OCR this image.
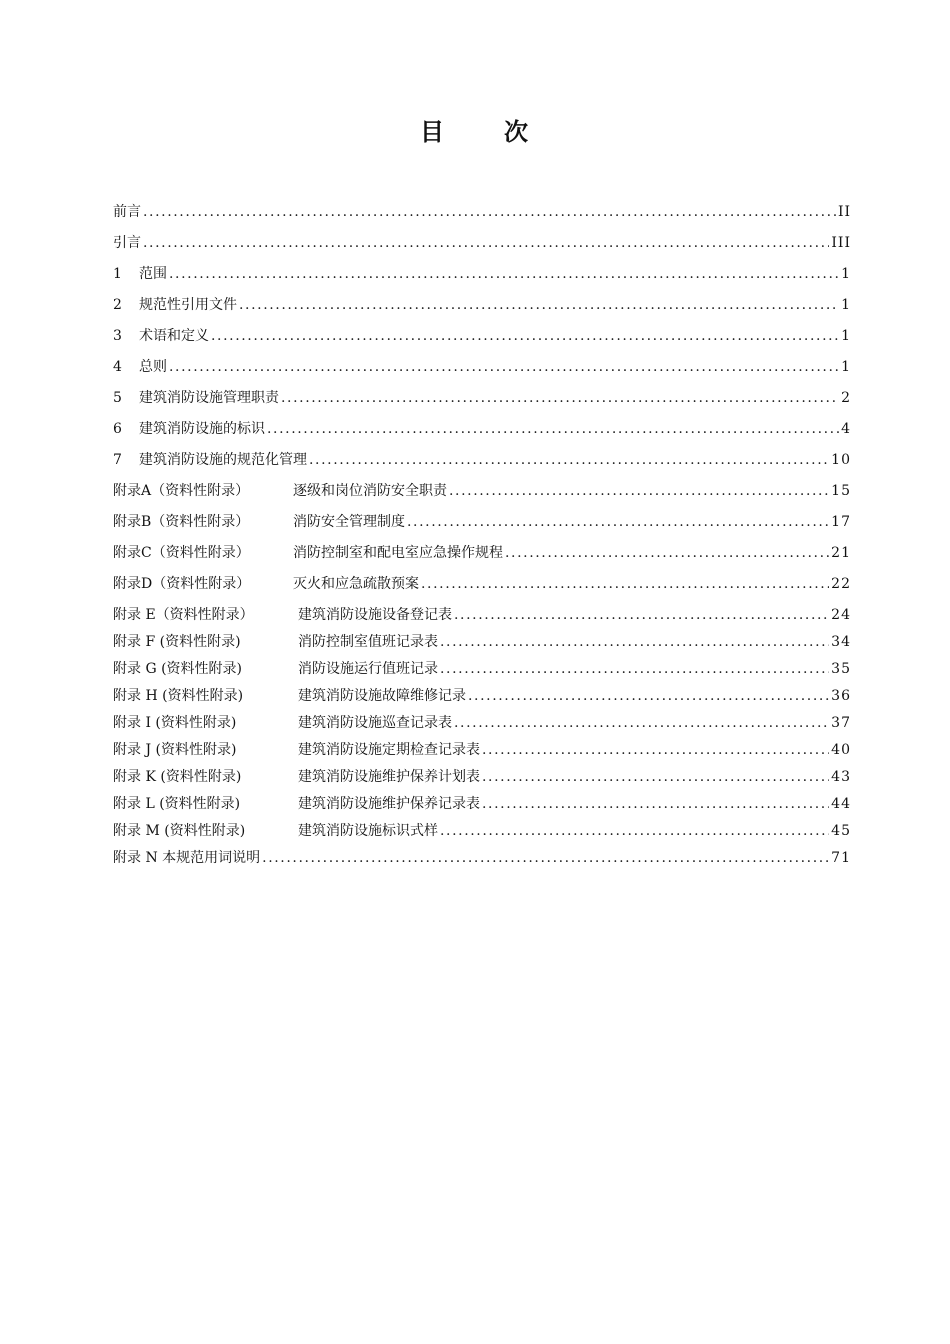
目 次
前言 .....	II
引言 .....	III
1	范围 .....	1
2	规范性引用文件 .....	1
3	术语和定义 .....	1
4	总则 .....	1
5	建筑消防设施管理职责 .....	2
6	建筑消防设施的标识 .....	4
7	建筑消防设施的规范化管理 .....	10
附录A（资料性附录）	逐级和岗位消防安全职责 .....	15
附录B（资料性附录）	消防安全管理制度 .....	17
附录C（资料性附录）	消防控制室和配电室应急操作规程 .....	21
附录D（资料性附录）	灭火和应急疏散预案 .....	22
附录 E（资料性附录）	建筑消防设施设备登记表 .....	24
附录 F (资料性附录)	消防控制室值班记录表 .....	34
附录 G (资料性附录)	消防设施运行值班记录 .....	35
附录 H (资料性附录)	建筑消防设施故障维修记录 .....	36
附录 I (资料性附录)	建筑消防设施巡查记录表 .....	37
附录 J (资料性附录)	建筑消防设施定期检查记录表 .....	40
附录 K (资料性附录)	建筑消防设施维护保养计划表 .....	43
附录 L (资料性附录)	建筑消防设施维护保养记录表 .....	44
附录 M (资料性附录)	建筑消防设施标识式样 .....	45
附录 N 本规范用词说明 .....	71
